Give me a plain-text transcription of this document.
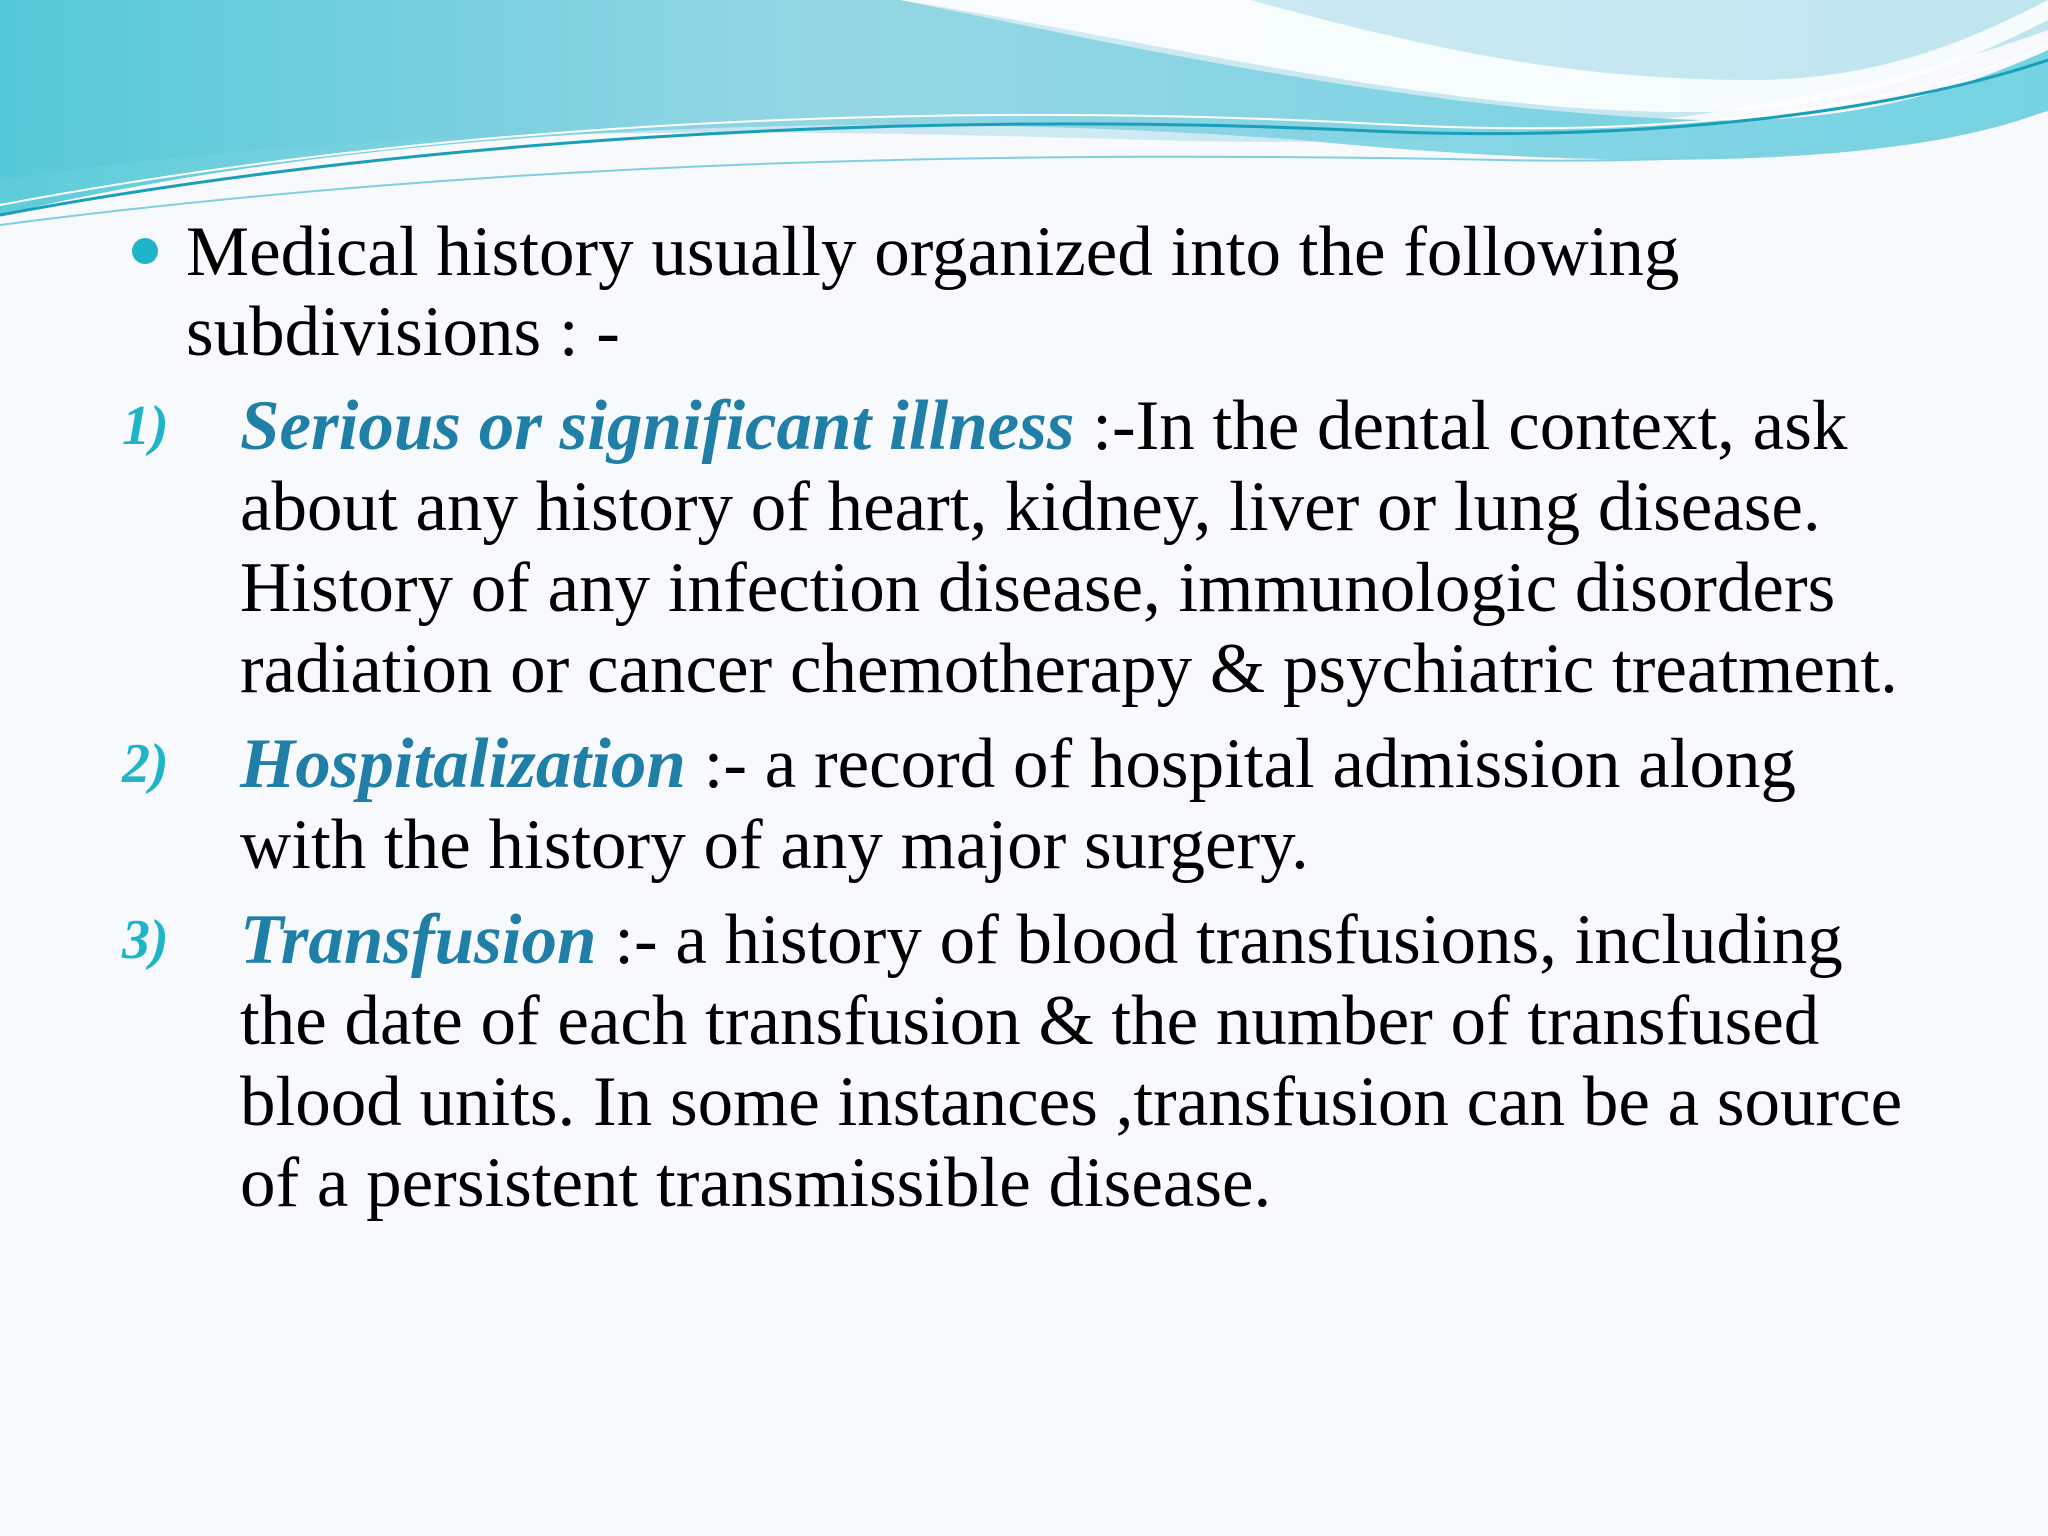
Medical history usually organized into the following subdivisions : -
1) Serious or significant illness :-In the dental context, ask about any history of heart, kidney, liver or lung disease. History of any infection disease, immunologic disorders radiation or cancer chemotherapy & psychiatric treatment.
2) Hospitalization :- a record of hospital admission along with the history of any major surgery.
3) Transfusion :- a history of blood transfusions, including the date of each transfusion & the number of transfused blood units. In some instances ,transfusion can be a source of a persistent transmissible disease.
